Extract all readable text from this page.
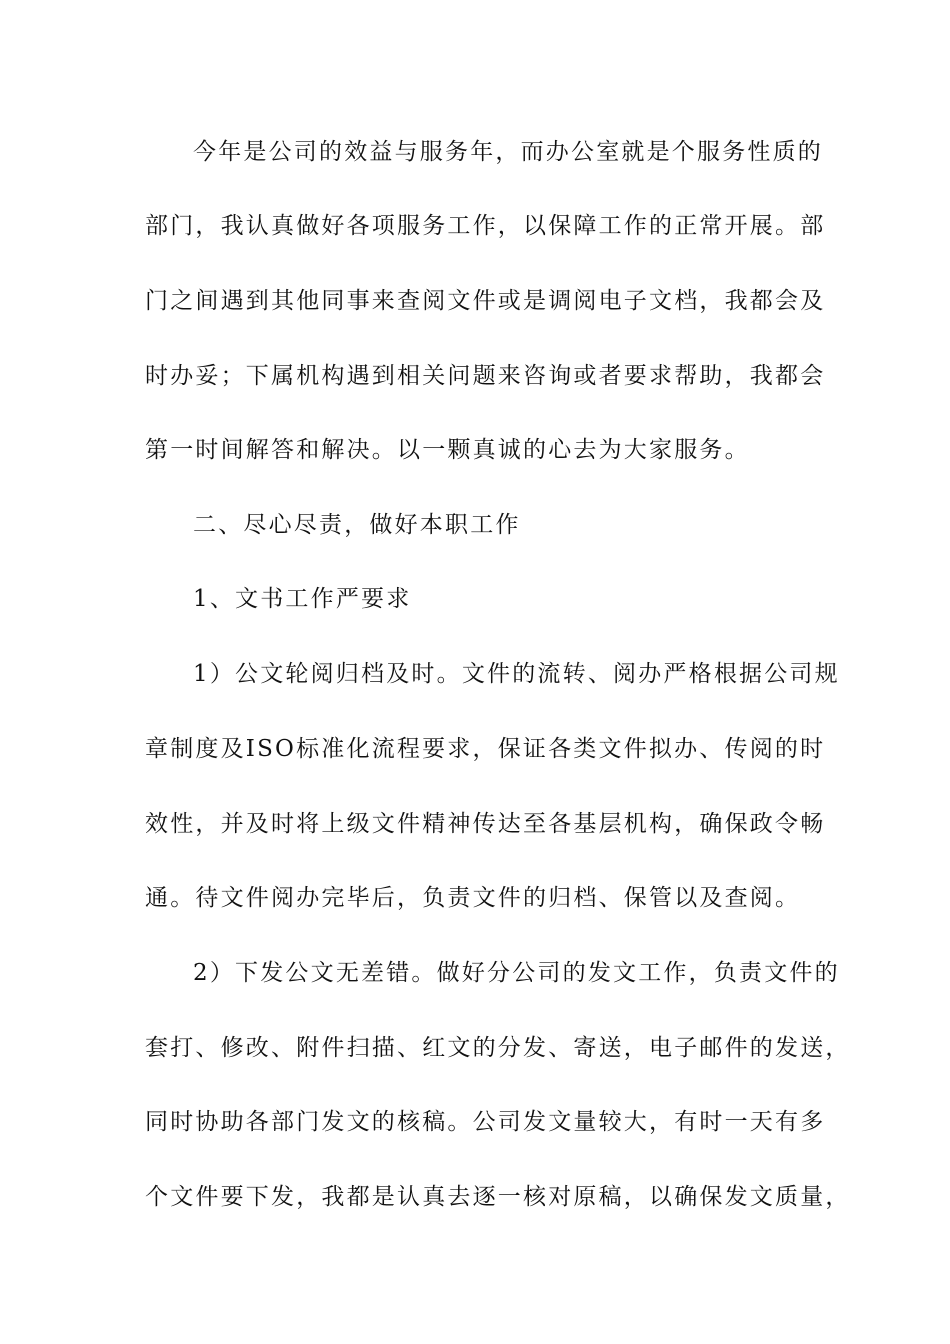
今年是公司的效益与服务年，而办公室就是个服务性质的
部门，我认真做好各项服务工作，以保障工作的正常开展。部
门之间遇到其他同事来查阅文件或是调阅电子文档，我都会及
时办妥；下属机构遇到相关问题来咨询或者要求帮助，我都会
第一时间解答和解决。以一颗真诚的心去为大家服务。
二、尽心尽责，做好本职工作
1、文书工作严要求
1）公文轮阅归档及时。文件的流转、阅办严格根据公司规
章制度及ISO标准化流程要求，保证各类文件拟办、传阅的时
效性，并及时将上级文件精神传达至各基层机构，确保政令畅
通。待文件阅办完毕后，负责文件的归档、保管以及查阅。
2）下发公文无差错。做好分公司的发文工作，负责文件的
套打、修改、附件扫描、红文的分发、寄送，电子邮件的发送，
同时协助各部门发文的核稿。公司发文量较大，有时一天有多
个文件要下发，我都是认真去逐一核对原稿，以确保发文质量，
